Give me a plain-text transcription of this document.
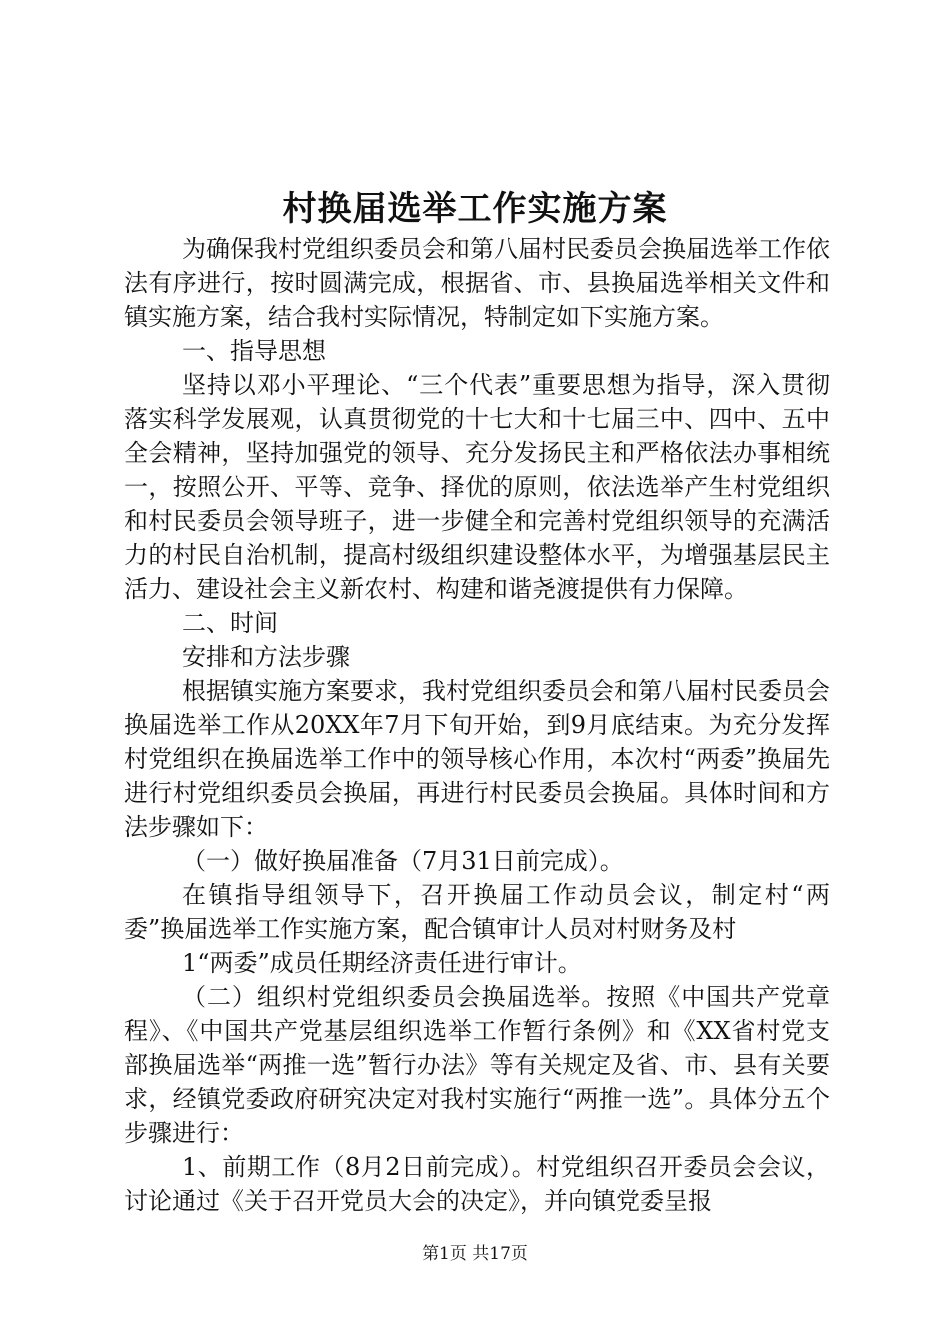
村换届选举工作实施方案

为确保我村党组织委员会和第八届村民委员会换届选举工作依法有序进行，按时圆满完成，根据省、市、县换届选举相关文件和镇实施方案，结合我村实际情况，特制定如下实施方案。

一、指导思想

坚持以邓小平理论、“三个代表”重要思想为指导，深入贯彻落实科学发展观，认真贯彻党的十七大和十七届三中、四中、五中全会精神，坚持加强党的领导、充分发扬民主和严格依法办事相统一，按照公开、平等、竞争、择优的原则，依法选举产生村党组织和村民委员会领导班子，进一步健全和完善村党组织领导的充满活力的村民自治机制，提高村级组织建设整体水平，为增强基层民主活力、建设社会主义新农村、构建和谐尧渡提供有力保障。

二、时间

安排和方法步骤

根据镇实施方案要求，我村党组织委员会和第八届村民委员会换届选举工作从20XX年7月下旬开始，到9月底结束。为充分发挥村党组织在换届选举工作中的领导核心作用，本次村“两委”换届先进行村党组织委员会换届，再进行村民委员会换届。具体时间和方法步骤如下：

（一）做好换届准备（7月31日前完成）。

在镇指导组领导下，召开换届工作动员会议，制定村“两委”换届选举工作实施方案，配合镇审计人员对村财务及村

1“两委”成员任期经济责任进行审计。

（二）组织村党组织委员会换届选举。按照《中国共产党章程》、《中国共产党基层组织选举工作暂行条例》和《XX省村党支部换届选举“两推一选”暂行办法》等有关规定及省、市、县有关要求，经镇党委政府研究决定对我村实施行“两推一选”。具体分五个步骤进行：

1、前期工作（8月2日前完成）。村党组织召开委员会会议，讨论通过《关于召开党员大会的决定》，并向镇党委呈报

第1页 共17页
